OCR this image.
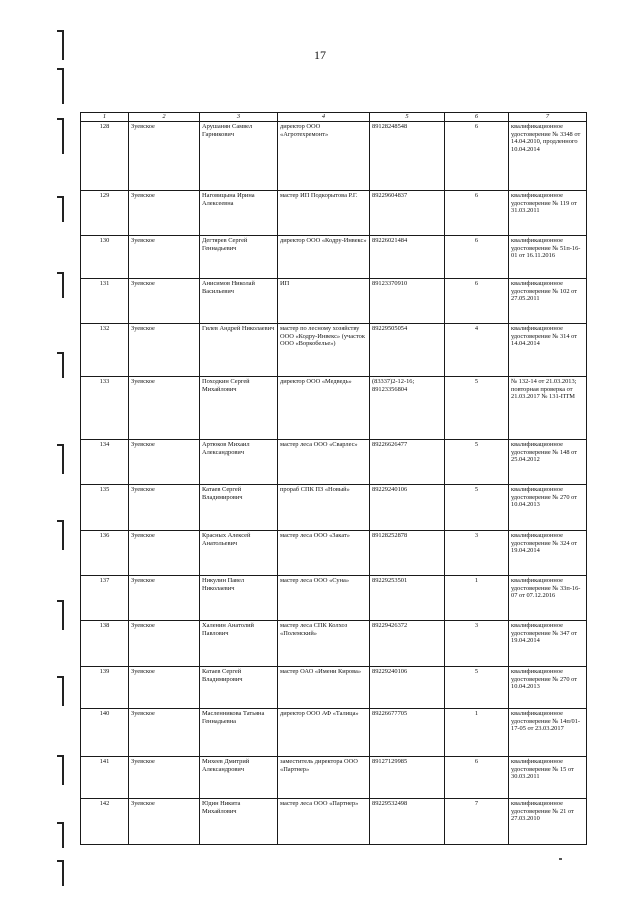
17
1	2	3	4	5	6	7
128	Зуевское	Арушанян Самвел Гарникович	директор ООО «Агротехремонт»	89128248548	6	квалификационное удостоверение № 3348 от 14.04.2010, продленного 10.04.2014
129	Зуевское	Наговицына Ирина Алексеевна	мастер ИП Подкорытова Р.Г.	89229604837	6	квалификационное удостоверение № 119 от 31.03.2011
130	Зуевское	Дегтярев Сергей Геннадьевич	директор ООО «Кодру-Инвекс»	89226021484	6	квалификационное удостоверение № 51п-16-01 от 16.11.2016
131	Зуевское	Анисимов Николай Васильевич	ИП	89123370910	6	квалификационное удостоверение № 102 от 27.05.2011
132	Зуевское	Гилев Андрей Николаевич	мастер по лесному хозяйству ООО «Кодру-Инвекс» (участок ООО «Воркобелье»)	89229505054	4	квалификационное удостоверение № 314 от 14.04.2014
133	Зуевское	Походкин Сергей Михайлович	директор ООО «Медведь»	(83337)2-12-16; 89123356804	5	№ 132-14 от 21.03.2013; повторная проверка от 21.03.2017 № 131-ПТМ
134	Зуевское	Артюков Михаил Александрович	мастер леса ООО «Сварлес»	89226626477	5	квалификационное удостоверение № 148 от 25.04.2012
135	Зуевское	Катаев Сергей Владимирович	прораб СПК ПЗ «Новый»	89229240106	5	квалификационное удостоверение № 270 от 10.04.2013
136	Зуевское	Красных Алексей Анатольевич	мастер леса ООО «Закат»	89128252878	3	квалификационное удостоверение № 324 от 19.04.2014
137	Зуевское	Никулин Павел Николаевич	мастер леса ООО «Суна»	89229253501	1	квалификационное удостоверение № 33п-16-07 от 07.12.2016
138	Зуевское	Халенин Анатолий Павлович	мастер леса СПК Колхоз «Полемский»	89229426372	3	квалификационное удостоверение № 347 от 19.04.2014
139	Зуевское	Катаев Сергей Владимирович	мастер ОАО «Имени Кирова»	89229240106	5	квалификационное удостоверение № 270 от 10.04.2013
140	Зуевское	Масленникова Татьяна Геннадьевна	директор ООО АФ «Талица»	89226677705	1	квалификационное удостоверение № 14п/01-17-05 от 23.03.2017
141	Зуевское	Михеев Дмитрий Александрович	заместитель директора ООО «Партнер»	89127129985	6	квалификационное удостоверение № 15 от 30.03.2011
142	Зуевское	Юдин Никита Михайлович	мастер леса ООО «Партнер»	89229532498	7	квалификационное удостоверение № 21 от 27.03.2010
